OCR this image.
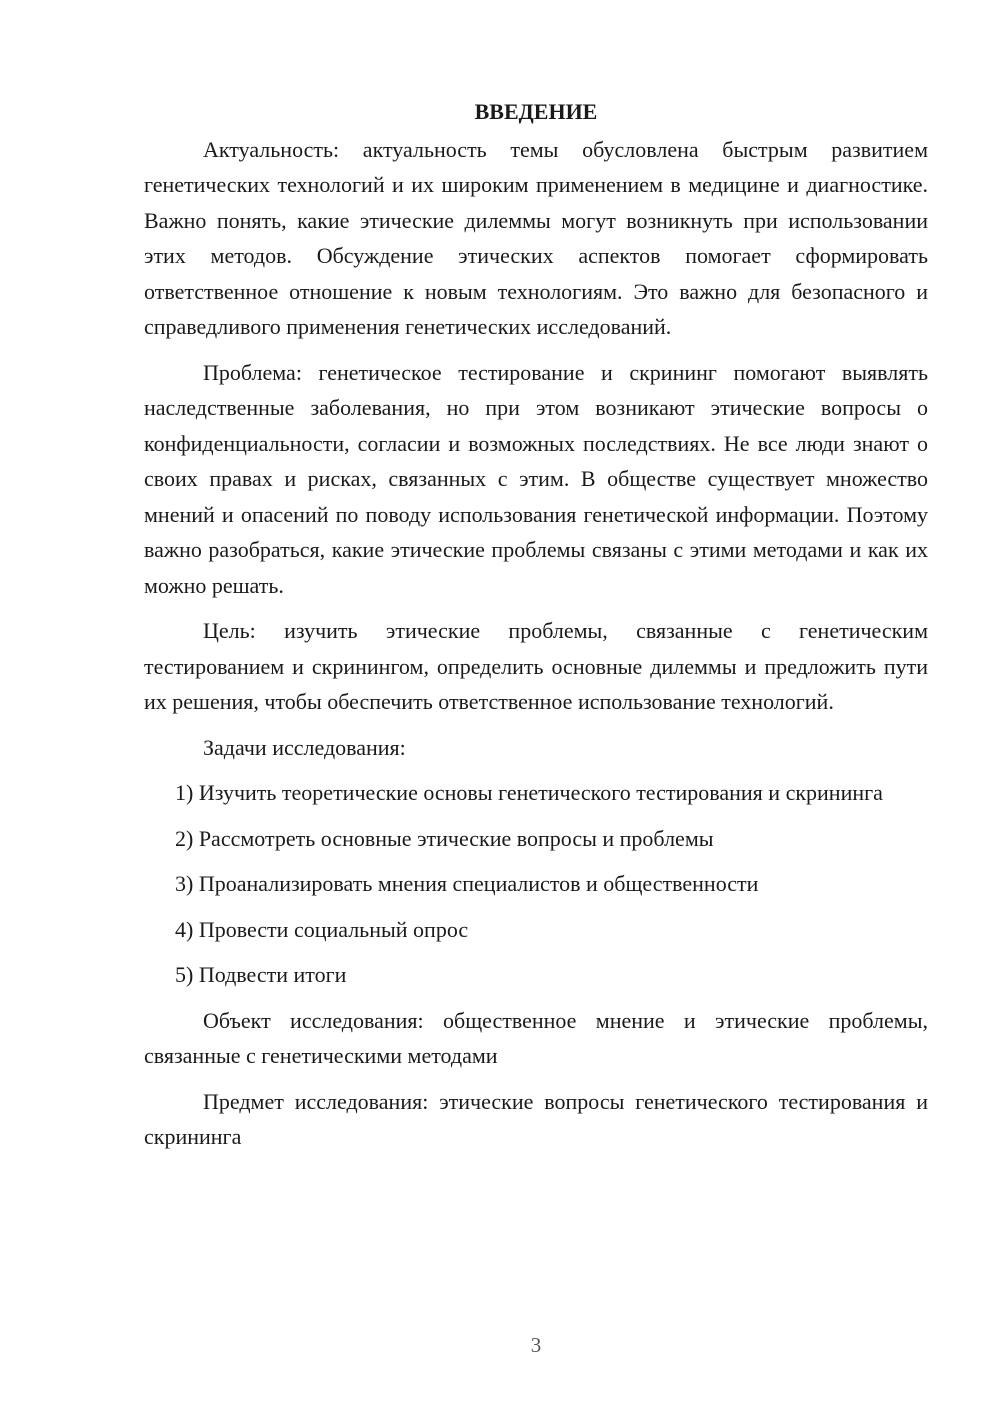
ВВЕДЕНИЕ

Актуальность: актуальность темы обусловлена быстрым развитием генетических технологий и их широким применением в медицине и диагностике. Важно понять, какие этические дилеммы могут возникнуть при использовании этих методов. Обсуждение этических аспектов помогает сформировать ответственное отношение к новым технологиям. Это важно для безопасного и справедливого применения генетических исследований.

Проблема: генетическое тестирование и скрининг помогают выявлять наследственные заболевания, но при этом возникают этические вопросы о конфиденциальности, согласии и возможных последствиях. Не все люди знают о своих правах и рисках, связанных с этим. В обществе существует множество мнений и опасений по поводу использования генетической информации. Поэтому важно разобраться, какие этические проблемы связаны с этими методами и как их можно решать.

Цель: изучить этические проблемы, связанные с генетическим тестированием и скринингом, определить основные дилеммы и предложить пути их решения, чтобы обеспечить ответственное использование технологий.

Задачи исследования:

1) Изучить теоретические основы генетического тестирования и скрининга

2) Рассмотреть основные этические вопросы и проблемы

3) Проанализировать мнения специалистов и общественности

4) Провести социальный опрос

5) Подвести итоги

Объект исследования: общественное мнение и этические проблемы, связанные с генетическими методами

Предмет исследования: этические вопросы генетического тестирования и скрининга

3
